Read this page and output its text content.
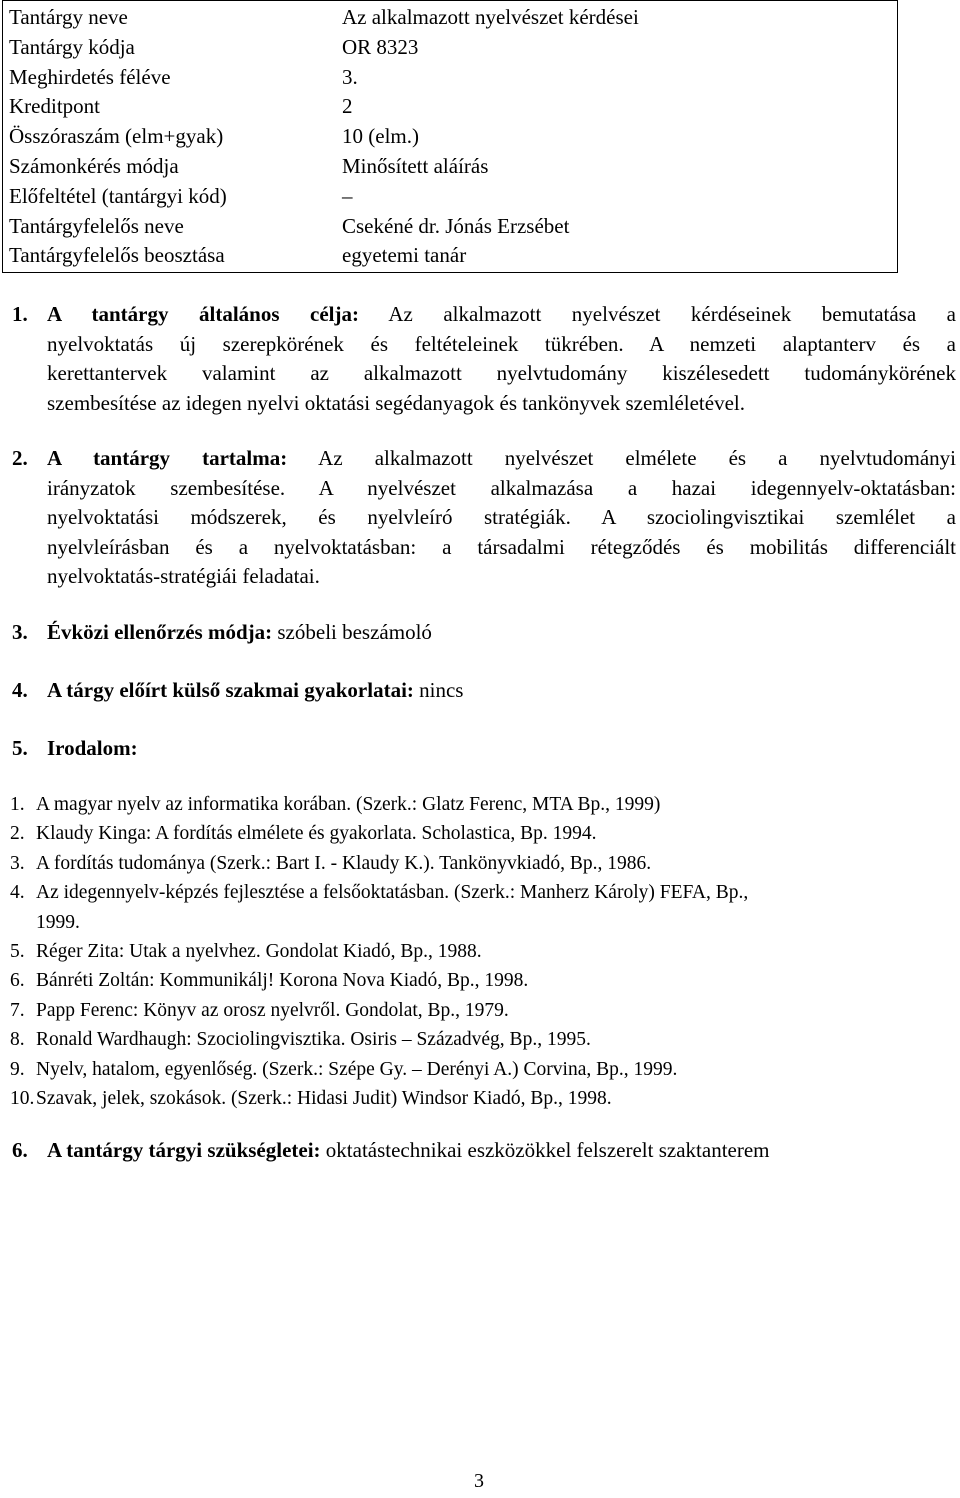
Tantárgy neve	Az alkalmazott nyelvészet kérdései
Tantárgy kódja	OR 8323
Meghirdetés féléve	3.
Kreditpont	2
Összóraszám (elm+gyak)	10 (elm.)
Számonkérés módja	Minősített aláírás
Előfeltétel (tantárgyi kód)	–
Tantárgyfelelős neve	Csekéné dr. Jónás Erzsébet
Tantárgyfelelős beosztása	egyetemi tanár
1. A tantárgy általános célja: Az alkalmazott nyelvészet kérdéseinek bemutatása a
nyelvoktatás új szerepkörének és feltételeinek tükrében. A nemzeti alaptanterv és a
kerettantervek valamint az alkalmazott nyelvtudomány kiszélesedett tudománykörének
szembesítése az idegen nyelvi oktatási segédanyagok és tankönyvek szemléletével.
2. A tantárgy tartalma: Az alkalmazott nyelvészet elmélete és a nyelvtudományi
irányzatok szembesítése. A nyelvészet alkalmazása a hazai idegennyelv-oktatásban:
nyelvoktatási módszerek, és nyelvleíró stratégiák. A szociolingvisztikai szemlélet a
nyelvleírásban és a nyelvoktatásban: a társadalmi rétegződés és mobilitás differenciált
nyelvoktatás-stratégiái feladatai.
3. Évközi ellenőrzés módja: szóbeli beszámoló
4. A tárgy előírt külső szakmai gyakorlatai: nincs
5. Irodalom:
1. A magyar nyelv az informatika korában. (Szerk.: Glatz Ferenc, MTA Bp., 1999)
2. Klaudy Kinga: A fordítás elmélete és gyakorlata. Scholastica, Bp. 1994.
3. A fordítás tudománya (Szerk.: Bart I. - Klaudy K.). Tankönyvkiadó, Bp., 1986.
4. Az idegennyelv-képzés fejlesztése a felsőoktatásban. (Szerk.: Manherz Károly) FEFA, Bp.,
1999.
5. Réger Zita: Utak a nyelvhez. Gondolat Kiadó, Bp., 1988.
6. Bánréti Zoltán: Kommunikálj! Korona Nova Kiadó, Bp., 1998.
7. Papp Ferenc: Könyv az orosz nyelvről. Gondolat, Bp., 1979.
8. Ronald Wardhaugh: Szociolingvisztika. Osiris – Századvég, Bp., 1995.
9. Nyelv, hatalom, egyenlőség. (Szerk.: Szépe Gy. – Derényi A.) Corvina, Bp., 1999.
10. Szavak, jelek, szokások. (Szerk.: Hidasi Judit) Windsor Kiadó, Bp., 1998.
6. A tantárgy tárgyi szükségletei: oktatástechnikai eszközökkel felszerelt szaktanterem
3
